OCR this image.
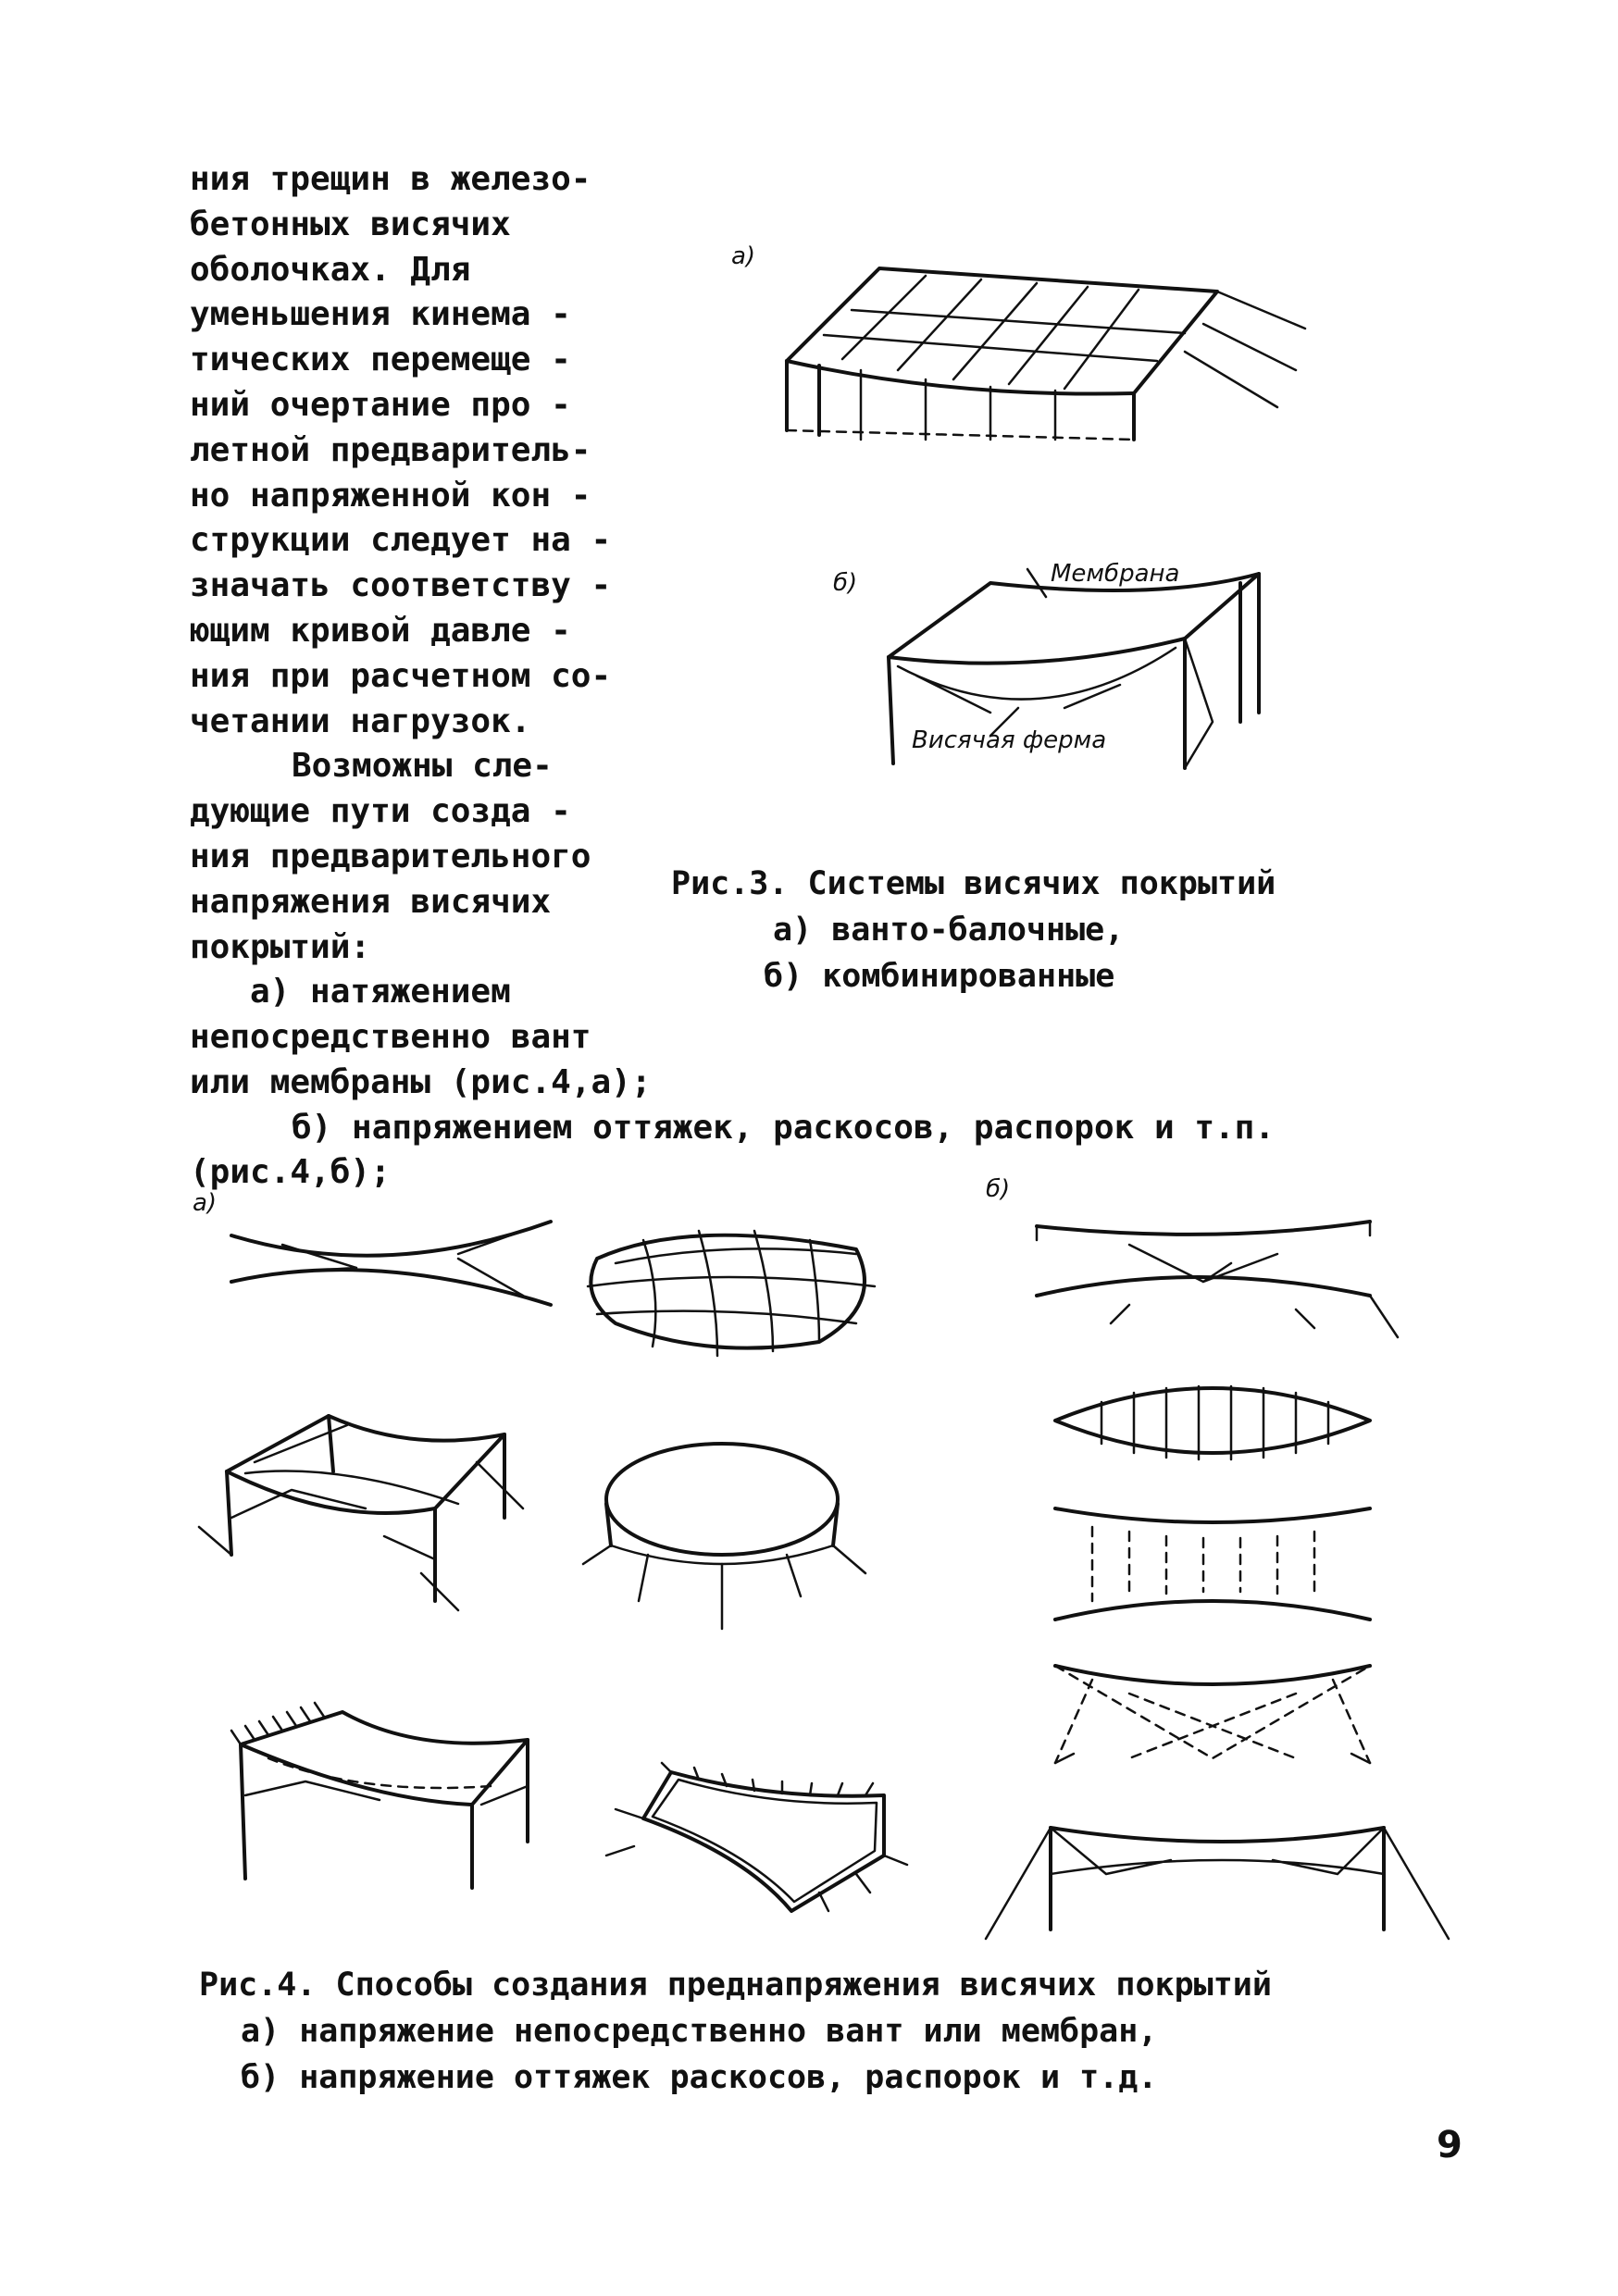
ния трещин в железо-
бетонных висячих
оболочках. Для
уменьшения кинема -
тических перемеще -
ний очертание про -
летной предваритель-
но напряженной кон -
струкции следует на -
значать соответству -
ющим кривой давле -
ния при расчетном со-
четании нагрузок.
Возможны сле-
дующие пути созда -
ния предварительного
напряжения висячих
покрытий:
а) натяжением
непосредственно вант
или мембраны (рис.4,а);
б) напряжением оттяжек, раскосов, распорок и т.п.
(рис.4,б);
а)
б)	Мембрана
Висячая ферма
Рис.3. Системы висячих покрытий
а) ванто-балочные,
б) комбинированные
а)	б)
Рис.4. Способы создания преднапряжения висячих покрытий
а) напряжение непосредственно вант или мембран,
б) напряжение оттяжек раскосов, распорок и т.д.
9
